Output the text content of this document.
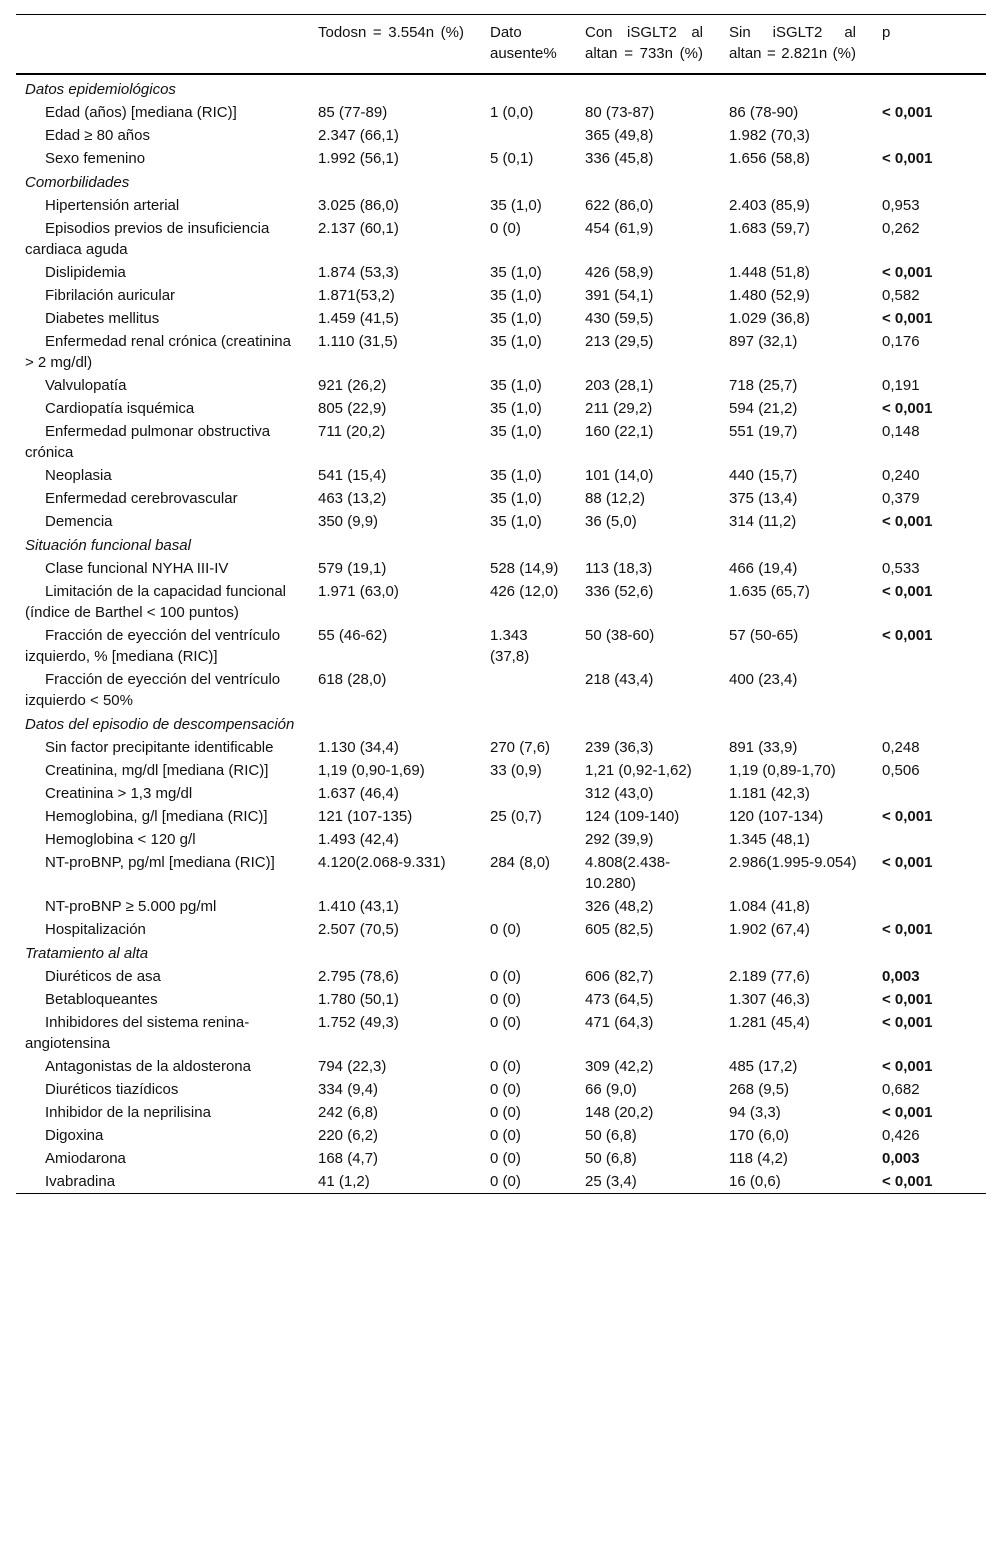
	Todosn = 3.554n (%)	Dato ausente%	Con iSGLT2 al altan = 733n (%)	Sin iSGLT2 al altan = 2.821n (%)	p
Datos epidemiológicos					
Edad (años) [mediana (RIC)]	85 (77-89)	1 (0,0)	80 (73-87)	86 (78-90)	< 0,001
Edad ≥ 80 años	2.347 (66,1)		365 (49,8)	1.982 (70,3)	
Sexo femenino	1.992 (56,1)	5 (0,1)	336 (45,8)	1.656 (58,8)	< 0,001
Comorbilidades					
Hipertensión arterial	3.025 (86,0)	35 (1,0)	622 (86,0)	2.403 (85,9)	0,953
Episodios previos de insuficiencia cardiaca aguda	2.137 (60,1)	0 (0)	454 (61,9)	1.683 (59,7)	0,262
Dislipidemia	1.874 (53,3)	35 (1,0)	426 (58,9)	1.448 (51,8)	< 0,001
Fibrilación auricular	1.871(53,2)	35 (1,0)	391 (54,1)	1.480 (52,9)	0,582
Diabetes mellitus	1.459 (41,5)	35 (1,0)	430 (59,5)	1.029 (36,8)	< 0,001
Enfermedad renal crónica (creatinina > 2 mg/dl)	1.110 (31,5)	35 (1,0)	213 (29,5)	897 (32,1)	0,176
Valvulopatía	921 (26,2)	35 (1,0)	203 (28,1)	718 (25,7)	0,191
Cardiopatía isquémica	805 (22,9)	35 (1,0)	211 (29,2)	594 (21,2)	< 0,001
Enfermedad pulmonar obstructiva crónica	711 (20,2)	35 (1,0)	160 (22,1)	551 (19,7)	0,148
Neoplasia	541 (15,4)	35 (1,0)	101 (14,0)	440 (15,7)	0,240
Enfermedad cerebrovascular	463 (13,2)	35 (1,0)	88 (12,2)	375 (13,4)	0,379
Demencia	350 (9,9)	35 (1,0)	36 (5,0)	314 (11,2)	< 0,001
Situación funcional basal					
Clase funcional NYHA III-IV	579 (19,1)	528 (14,9)	113 (18,3)	466 (19,4)	0,533
Limitación de la capacidad funcional (índice de Barthel < 100 puntos)	1.971 (63,0)	426 (12,0)	336 (52,6)	1.635 (65,7)	< 0,001
Fracción de eyección del ventrículo izquierdo, % [mediana (RIC)]	55 (46-62)	1.343 (37,8)	50 (38-60)	57 (50-65)	< 0,001
Fracción de eyección del ventrículo izquierdo < 50%	618 (28,0)		218 (43,4)	400 (23,4)	
Datos del episodio de descompensación					
Sin factor precipitante identificable	1.130 (34,4)	270 (7,6)	239 (36,3)	891 (33,9)	0,248
Creatinina, mg/dl [mediana (RIC)]	1,19 (0,90-1,69)	33 (0,9)	1,21 (0,92-1,62)	1,19 (0,89-1,70)	0,506
Creatinina > 1,3 mg/dl	1.637 (46,4)		312 (43,0)	1.181 (42,3)	
Hemoglobina, g/l [mediana (RIC)]	121 (107-135)	25 (0,7)	124 (109-140)	120 (107-134)	< 0,001
Hemoglobina < 120 g/l	1.493 (42,4)		292 (39,9)	1.345 (48,1)	
NT-proBNP, pg/ml [mediana (RIC)]	4.120(2.068-9.331)	284 (8,0)	4.808(2.438-10.280)	2.986(1.995-9.054)	< 0,001
NT-proBNP ≥ 5.000 pg/ml	1.410 (43,1)		326 (48,2)	1.084 (41,8)	
Hospitalización	2.507 (70,5)	0 (0)	605 (82,5)	1.902 (67,4)	< 0,001
Tratamiento al alta					
Diuréticos de asa	2.795 (78,6)	0 (0)	606 (82,7)	2.189 (77,6)	0,003
Betabloqueantes	1.780 (50,1)	0 (0)	473 (64,5)	1.307 (46,3)	< 0,001
Inhibidores del sistema renina-angiotensina	1.752 (49,3)	0 (0)	471 (64,3)	1.281 (45,4)	< 0,001
Antagonistas de la aldosterona	794 (22,3)	0 (0)	309 (42,2)	485 (17,2)	< 0,001
Diuréticos tiazídicos	334 (9,4)	0 (0)	66 (9,0)	268 (9,5)	0,682
Inhibidor de la neprilisina	242 (6,8)	0 (0)	148 (20,2)	94 (3,3)	< 0,001
Digoxina	220 (6,2)	0 (0)	50 (6,8)	170 (6,0)	0,426
Amiodarona	168 (4,7)	0 (0)	50 (6,8)	118 (4,2)	0,003
Ivabradina	41 (1,2)	0 (0)	25 (3,4)	16 (0,6)	< 0,001
